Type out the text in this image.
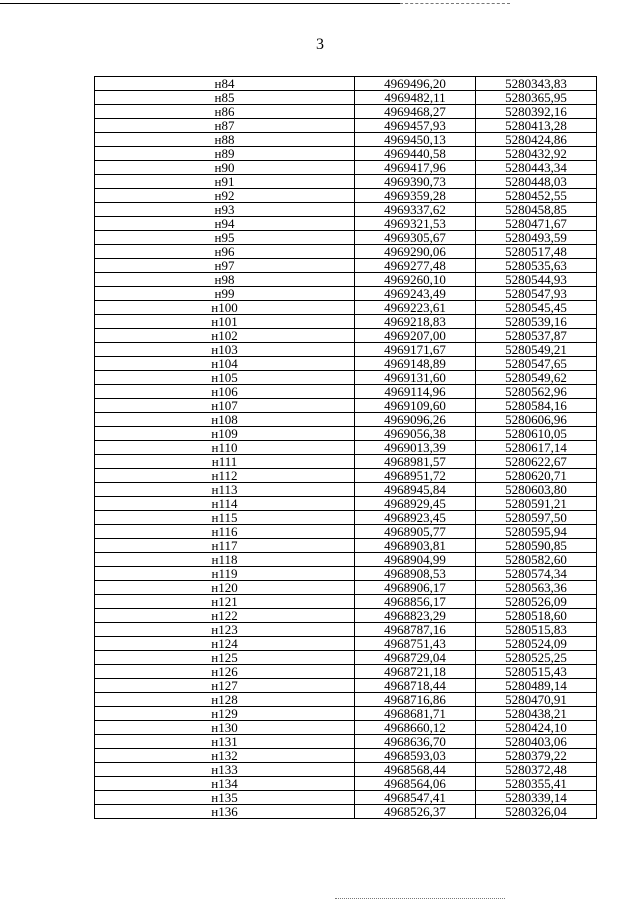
3
н84	4969496,20	5280343,83
н85	4969482,11	5280365,95
н86	4969468,27	5280392,16
н87	4969457,93	5280413,28
н88	4969450,13	5280424,86
н89	4969440,58	5280432,92
н90	4969417,96	5280443,34
н91	4969390,73	5280448,03
н92	4969359,28	5280452,55
н93	4969337,62	5280458,85
н94	4969321,53	5280471,67
н95	4969305,67	5280493,59
н96	4969290,06	5280517,48
н97	4969277,48	5280535,63
н98	4969260,10	5280544,93
н99	4969243,49	5280547,93
н100	4969223,61	5280545,45
н101	4969218,83	5280539,16
н102	4969207,00	5280537,87
н103	4969171,67	5280549,21
н104	4969148,89	5280547,65
н105	4969131,60	5280549,62
н106	4969114,96	5280562,96
н107	4969109,60	5280584,16
н108	4969096,26	5280606,96
н109	4969056,38	5280610,05
н110	4969013,39	5280617,14
н111	4968981,57	5280622,67
н112	4968951,72	5280620,71
н113	4968945,84	5280603,80
н114	4968929,45	5280591,21
н115	4968923,45	5280597,50
н116	4968905,77	5280595,94
н117	4968903,81	5280590,85
н118	4968904,99	5280582,60
н119	4968908,53	5280574,34
н120	4968906,17	5280563,36
н121	4968856,17	5280526,09
н122	4968823,29	5280518,60
н123	4968787,16	5280515,83
н124	4968751,43	5280524,09
н125	4968729,04	5280525,25
н126	4968721,18	5280515,43
н127	4968718,44	5280489,14
н128	4968716,86	5280470,91
н129	4968681,71	5280438,21
н130	4968660,12	5280424,10
н131	4968636,70	5280403,06
н132	4968593,03	5280379,22
н133	4968568,44	5280372,48
н134	4968564,06	5280355,41
н135	4968547,41	5280339,14
н136	4968526,37	5280326,04
